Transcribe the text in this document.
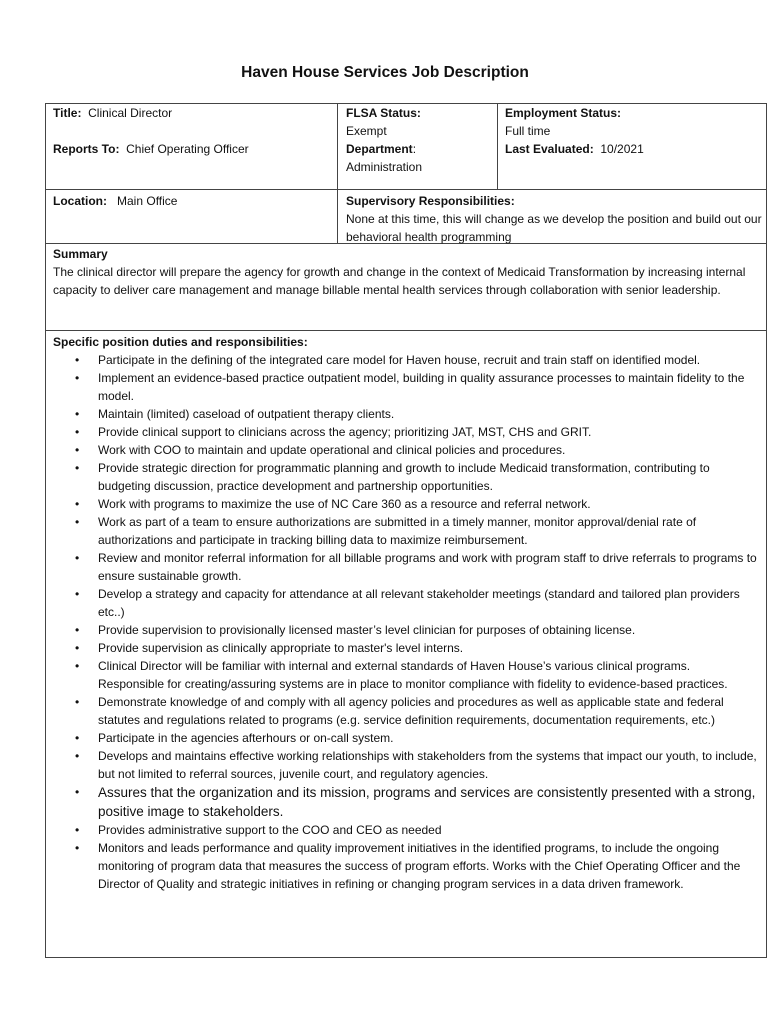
Haven House Services Job Description
Title: Clinical Director
Reports To: Chief Operating Officer
Location: Main Office
FLSA Status:
Exempt
Department:
Administration
Employment Status:
Full time
Last Evaluated: 10/2021
Supervisory Responsibilities:
None at this time, this will change as we develop the position and build out our behavioral health programming
Summary
The clinical director will prepare the agency for growth and change in the context of Medicaid Transformation by increasing internal capacity to deliver care management and manage billable mental health services through collaboration with senior leadership.
Specific position duties and responsibilities:
• Participate in the defining of the integrated care model for Haven house, recruit and train staff on identified model.
• Implement an evidence-based practice outpatient model, building in quality assurance processes to maintain fidelity to the model.
• Maintain (limited) caseload of outpatient therapy clients.
• Provide clinical support to clinicians across the agency; prioritizing JAT, MST, CHS and GRIT.
• Work with COO to maintain and update operational and clinical policies and procedures.
• Provide strategic direction for programmatic planning and growth to include Medicaid transformation, contributing to budgeting discussion, practice development and partnership opportunities.
• Work with programs to maximize the use of NC Care 360 as a resource and referral network.
• Work as part of a team to ensure authorizations are submitted in a timely manner, monitor approval/denial rate of authorizations and participate in tracking billing data to maximize reimbursement.
• Review and monitor referral information for all billable programs and work with program staff to drive referrals to programs to ensure sustainable growth.
• Develop a strategy and capacity for attendance at all relevant stakeholder meetings (standard and tailored plan providers etc..)
• Provide supervision to provisionally licensed master’s level clinician for purposes of obtaining license.
• Provide supervision as clinically appropriate to master's level interns.
• Clinical Director will be familiar with internal and external standards of Haven House’s various clinical programs. Responsible for creating/assuring systems are in place to monitor compliance with fidelity to evidence-based practices.
• Demonstrate knowledge of and comply with all agency policies and procedures as well as applicable state and federal statutes and regulations related to programs (e.g. service definition requirements, documentation requirements, etc.)
• Participate in the agencies afterhours or on-call system.
• Develops and maintains effective working relationships with stakeholders from the systems that impact our youth, to include, but not limited to referral sources, juvenile court, and regulatory agencies.
• Assures that the organization and its mission, programs and services are consistently presented with a strong, positive image to stakeholders.
• Provides administrative support to the COO and CEO as needed
• Monitors and leads performance and quality improvement initiatives in the identified programs, to include the ongoing monitoring of program data that measures the success of program efforts. Works with the Chief Operating Officer and the Director of Quality and strategic initiatives in refining or changing program services in a data driven framework.
